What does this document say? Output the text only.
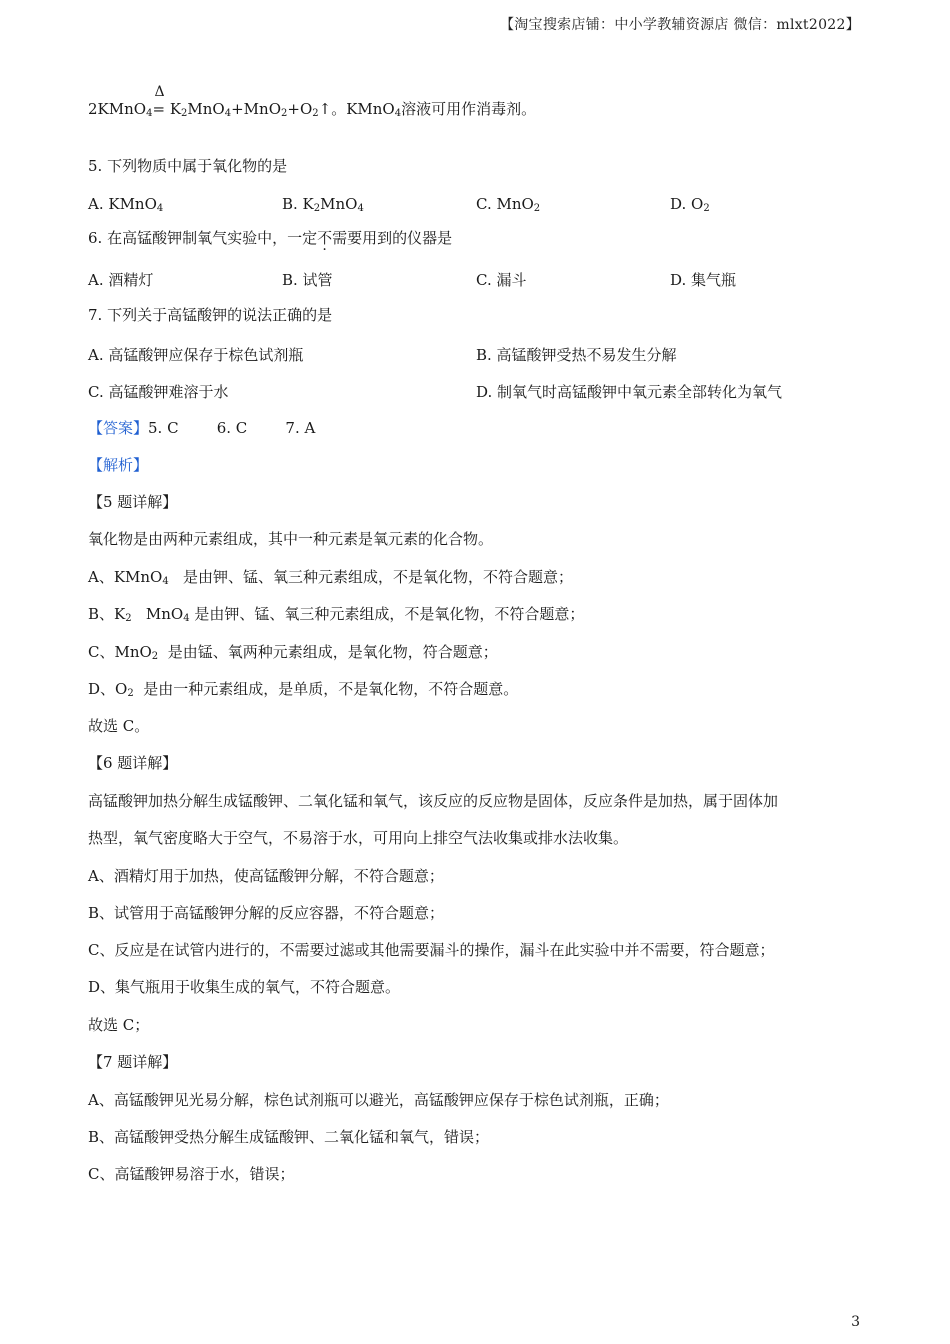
【淘宝搜索店铺：中小学教辅资源店 微信：mlxt2022】
2KMnO$_4$
Δ
= $K_2MnO_4+MnO_2+O_2↑$。KMnO$_4$溶液可用作消毒剂。
5. 下列物质中属于氧化物的是
A. KMnO$_4$	B. $K_2MnO_4$	C. MnO$_2$	D. $O_2$
6. 在高锰酸钾制氧气实验中，一定不需要用到的仪器是
A. 酒精灯	B. 试管	C. 漏斗	D. 集气瓶
7. 下列关于高锰酸钾的说法正确的是
A. 高锰酸钾应保存于棕色试剂瓶	B. 高锰酸钾受热不易发生分解
C. 高锰酸钾难溶于水	D. 制氧气时高锰酸钾中氧元素全部转化为氧气
【答案】5. C        6. C        7. A
【解析】
【5 题详解】
氧化物是由两种元素组成，其中一种元素是氧元素的化合物。
A、KMnO$_4$   是由钾、锰、氧三种元素组成，不是氧化物，不符合题意；
B、$K_2$   MnO$_4$ 是由钾、锰、氧三种元素组成，不是氧化物，不符合题意；
C、MnO$_2$  是由锰、氧两种元素组成，是氧化物，符合题意；
D、$O_2$  是由一种元素组成，是单质，不是氧化物，不符合题意。
故选 C。
【6 题详解】
高锰酸钾加热分解生成锰酸钾、二氧化锰和氧气，该反应的反应物是固体，反应条件是加热，属于固体加
热型，氧气密度略大于空气，不易溶于水，可用向上排空气法收集或排水法收集。
A、酒精灯用于加热，使高锰酸钾分解，不符合题意；
B、试管用于高锰酸钾分解的反应容器，不符合题意；
C、反应是在试管内进行的，不需要过滤或其他需要漏斗的操作，漏斗在此实验中并不需要，符合题意；
D、集气瓶用于收集生成的氧气，不符合题意。
故选 C；
【7 题详解】
A、高锰酸钾见光易分解，棕色试剂瓶可以避光，高锰酸钾应保存于棕色试剂瓶，正确；
B、高锰酸钾受热分解生成锰酸钾、二氧化锰和氧气，错误；
C、高锰酸钾易溶于水，错误；
3
